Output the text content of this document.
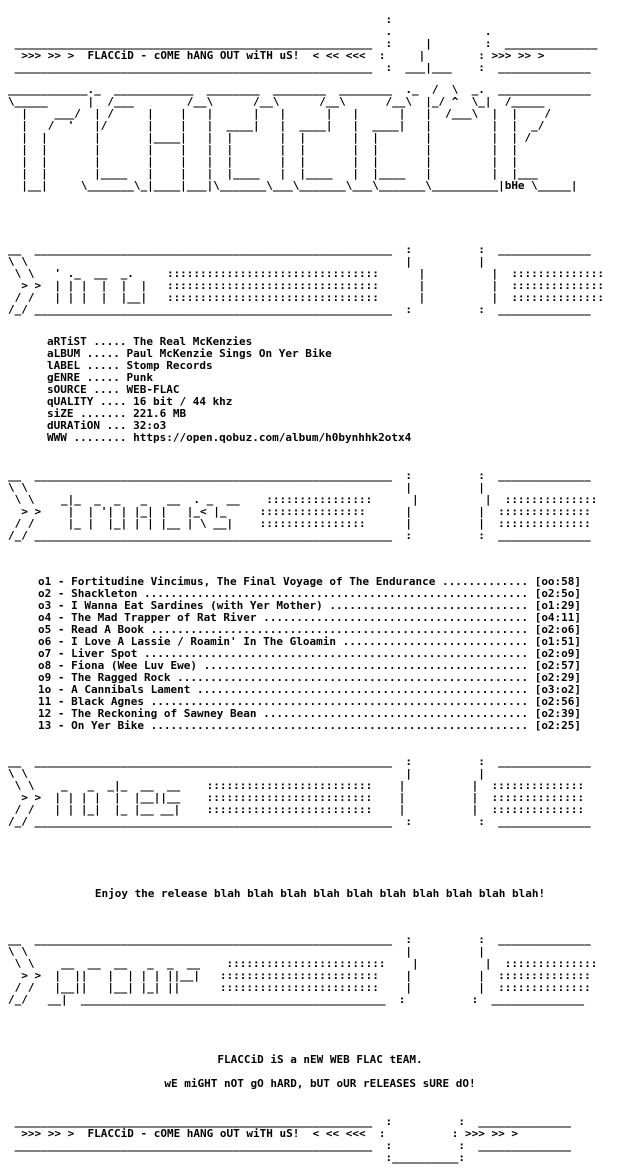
:
.              .
______________________________________________________  :     |        :  ______________
>>> >> >  FLACCiD - cOME hANG OUT wiTH uS!  < << <<<  :     |        : >>> >> >
______________________________________________________  :  ___|___    :  ______________

____________._  ____________  ________  ________  ________  ._  /  \  _.  ______________
\_____      |  /___        /__\      /__\      /__\      /__\  |_/ ^  \_|  /_____
|    ___/  | /     |    |   |      |   |      |   |      |   |  /___\  |  |    /
|   /  '   |/      |    |   |  ____|   |  ____|   |  ____|   |         |  |  _/
|  |       |       |____|   |  |       |  |       |  |       |         |  | /
|  |       |       |    |   |  |       |  |       |  |       |         |  |
|  |       |       |    |   |  |       |  |       |  |       |         |  |
|  |       |____   |    |   |  |____   |  |____   |  |____   |         |  |___
|__|     \_______\_|____|___|\_______\___\_______\___\_______\__________|bHe \_____|

__  ______________________________________________________  :          :  ______________
\ \                                                         |          |
\ \   ' ._  __  _.     ::::::::::::::::::::::::::::::::      |          |  ::::::::::::::
> >  | | |  |  |  |   ::::::::::::::::::::::::::::::::      |          |  ::::::::::::::
/ /   | | |  |  |__|   ::::::::::::::::::::::::::::::::      |          |  ::::::::::::::
/_/ ______________________________________________________  :          :  ______________

aRTiST ..... The Real McKenzies
aLBUM ..... Paul McKenzie Sings On Yer Bike
lABEL ..... Stomp Records
gENRE ..... Punk
sOURCE .... WEB-FLAC
qUALITY .... 16 bit / 44 khz
siZE ....... 221.6 MB
dURATiON ... 32:o3
WWW ........ https://open.qobuz.com/album/h0bynhhk2otx4
__  ______________________________________________________  :          :  ______________
\ \                                                         |          |
\ \    _|_  _  _   _   __  . _  __    ::::::::::::::::      |          |  ::::::::::::::
> >    |  | '| | |_| |   |_< |_     ::::::::::::::::      |          |  ::::::::::::::
/ /     |_ |  |_| | | |__ | \ __|    ::::::::::::::::      |          |  ::::::::::::::
/_/ ______________________________________________________  :          :  ______________

o1 - Fortitudine Vincimus, The Final Voyage of The Endurance ............. [oo:58]
o2 - Shackleton .......................................................... [o2:5o]
o3 - I Wanna Eat Sardines (with Yer Mother) .............................. [o1:29]
o4 - The Mad Trapper of Rat River ........................................ [o4:11]
o5 - Read A Book ......................................................... [o2:o6]
o6 - I Love A Lassie / Roamin' In The Gloamin ............................ [o1:51]
o7 - Liver Spot .......................................................... [o2:o9]
o8 - Fiona (Wee Luv Ewe) ................................................. [o2:57]
o9 - The Ragged Rock ..................................................... [o2:29]
1o - A Cannibals Lament .................................................. [o3:o2]
11 - Black Agnes ......................................................... [o2:56]
12 - The Reckoning of Sawney Bean ........................................ [o2:39]
13 - On Yer Bike ......................................................... [o2:25]
__  ______________________________________________________  :          :  ______________
\ \                                                         |          |
\ \    _   _  _|_  __  __    :::::::::::::::::::::::::    |          |  ::::::::::::::
> >  | | | |  |  |__||__    :::::::::::::::::::::::::    |          |  ::::::::::::::
/ /   | | |_|  |_ |__ __|    :::::::::::::::::::::::::    |          |  ::::::::::::::
/_/ ______________________________________________________  :          :  ______________

Enjoy the release blah blah blah blah blah blah blah blah blah blah!
__  ______________________________________________________  :          :  ______________
\ \                                                         |          |
\ \    __  __  __   _  _  __    ::::::::::::::::::::::::    |          |  ::::::::::::::
> >  |  ||   |  | | | ||__|   ::::::::::::::::::::::::    |          |  ::::::::::::::
/ /   |__||   |__| |_| ||      ::::::::::::::::::::::::    |          |  ::::::::::::::
/_/   __|  ______________________________________________  :          :  ______________

FLACCiD iS a nEW WEB FLAC tEAM.
wE miGHT nOT gO hARD, bUT oUR rELEASES sURE dO!
______________________________________________________  :          :  ______________
>>> >> >  FLACCiD - cOME hANG oUT wiTH uS!  < << <<<  :          : >>> >> >
______________________________________________________  :          :  ______________
:__________:
